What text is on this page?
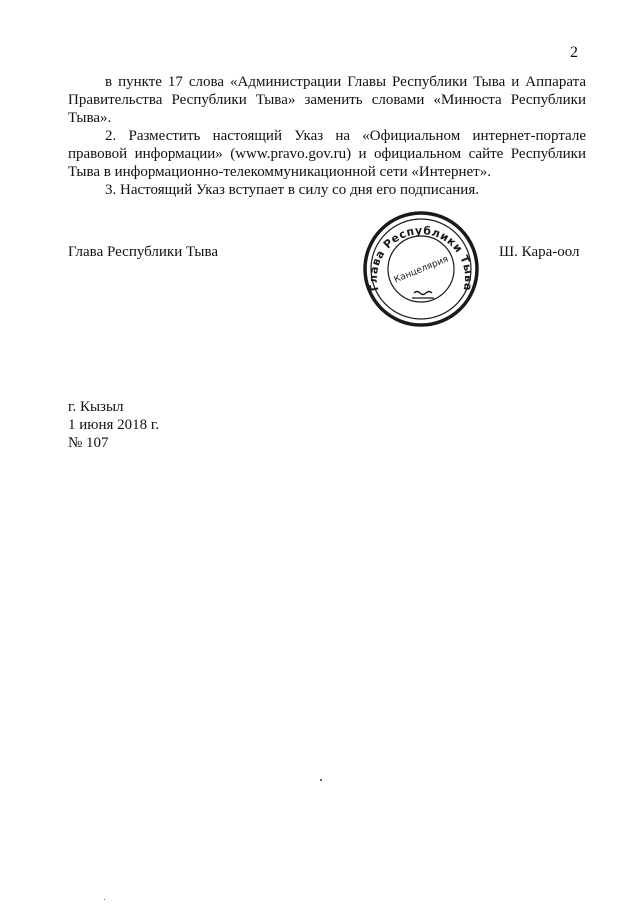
2

в пункте 17 слова «Администрации Главы Республики Тыва и Аппарата Правительства Республики Тыва» заменить словами «Минюста Республики Тыва».

2. Разместить настоящий Указ на «Официальном интернет-портале правовой информации» (www.pravo.gov.ru) и официальном сайте Республики Тыва в информационно-телекоммуникационной сети «Интернет».

3. Настоящий Указ вступает в силу со дня его подписания.

Глава Республики Тыва
Глава Республики Тыва
Канцелярия
Ш. Кара-оол
г. Кызыл
1 июня 2018 г.
№ 107
